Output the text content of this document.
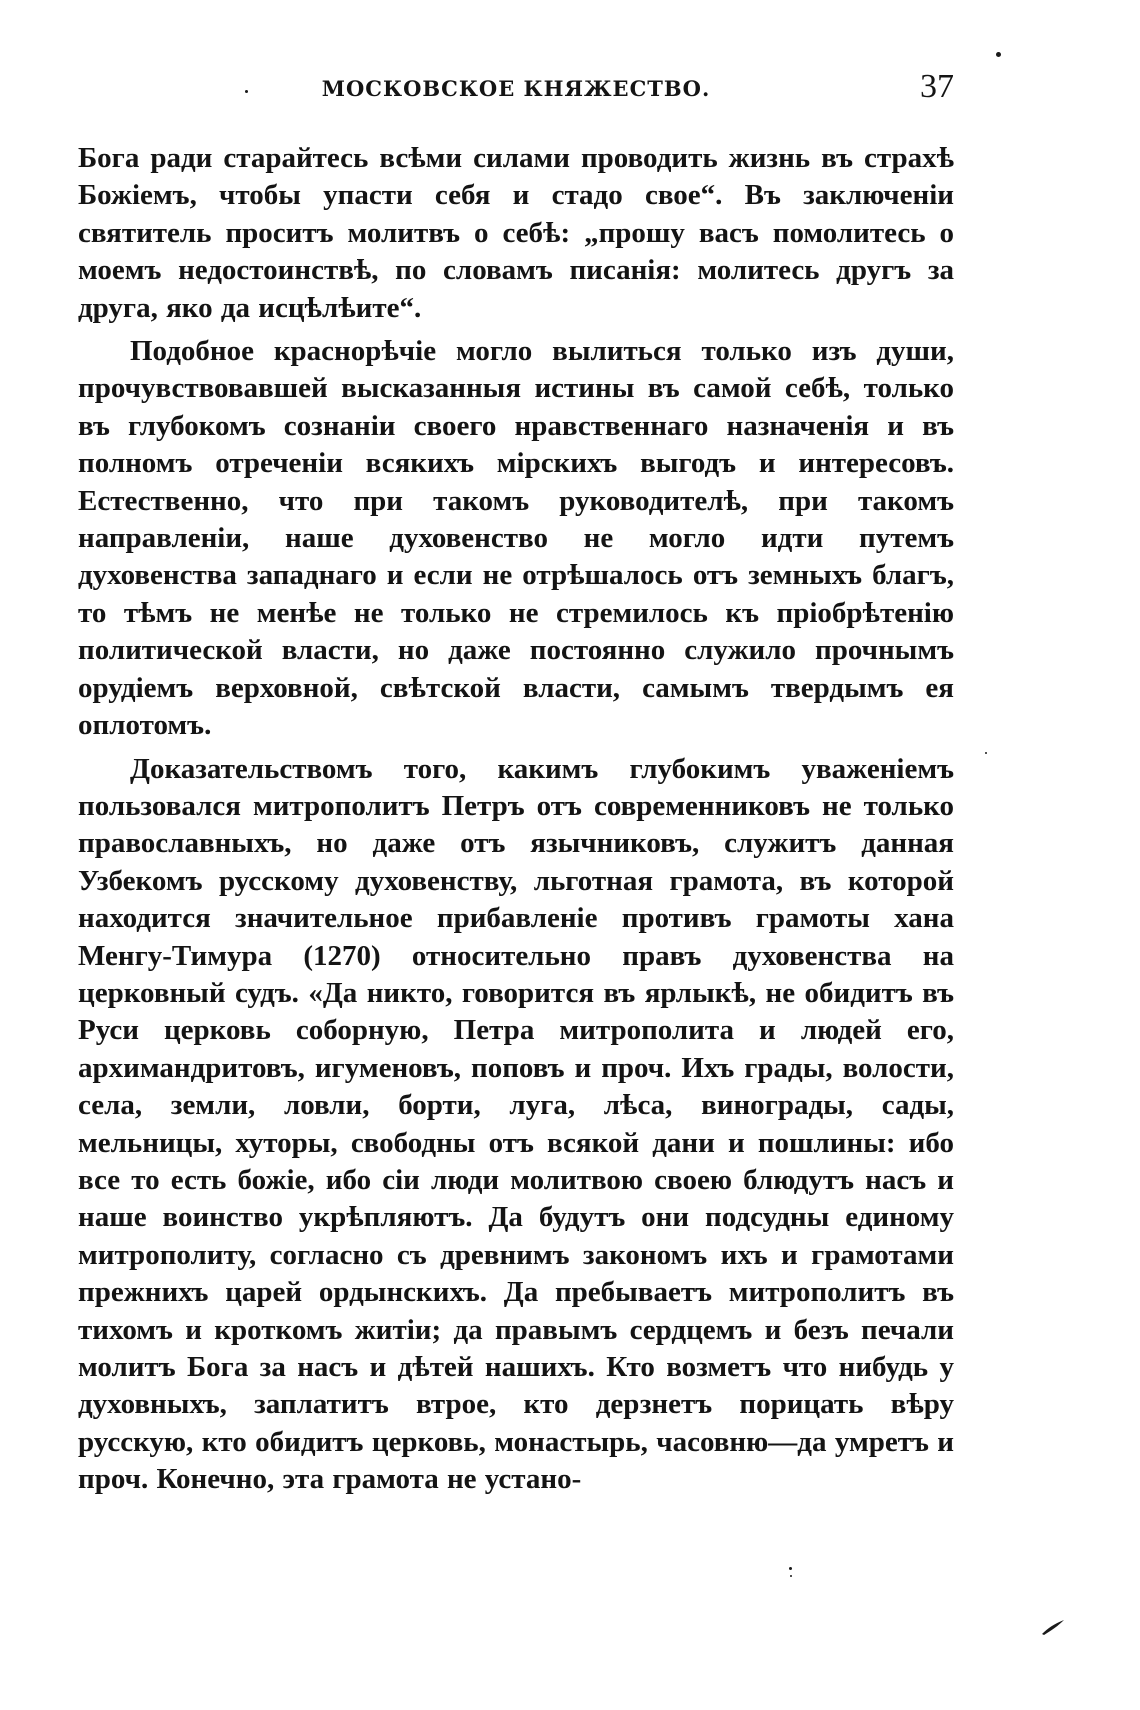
МОСКОВСКОЕ КНЯЖЕСТВО.	37

Бога ради старайтесь всѣми силами проводить жизнь въ страхѣ Божіемъ, чтобы упасти себя и стадо свое“. Въ заключеніи святитель проситъ молитвъ о себѣ: „прошу васъ помолитесь о моемъ недостоинствѣ, по словамъ писанія: молитесь другъ за друга, яко да исцѣлѣите“.

Подобное краснорѣчіе могло вылиться только изъ души, прочувствовавшей высказанныя истины въ самой себѣ, только въ глубокомъ сознаніи своего нравственнаго назначенія и въ полномъ отреченіи всякихъ мірскихъ выгодъ и интересовъ. Естественно, что при такомъ руководителѣ, при такомъ направленіи, наше духовенство не могло идти путемъ духовенства западнаго и если не отрѣшалось отъ земныхъ благъ, то тѣмъ не менѣе не только не стремилось къ пріобрѣтенію политической власти, но даже постоянно служило прочнымъ орудіемъ верховной, свѣтской власти, самымъ твердымъ ея оплотомъ.

Доказательствомъ того, какимъ глубокимъ уваженіемъ пользовался митрополитъ Петръ отъ современниковъ не только православныхъ, но даже отъ язычниковъ, служитъ данная Узбекомъ русскому духовенству, льготная грамота, въ которой находится значительное прибавленіе противъ грамоты хана Менгу-Тимура (1270) относительно правъ духовенства на церковный судъ. «Да никто, говорится въ ярлыкѣ, не обидитъ въ Руси церковь соборную, Петра митрополита и людей его, архимандритовъ, игуменовъ, поповъ и проч. Ихъ грады, волости, села, земли, ловли, борти, луга, лѣса, винограды, сады, мельницы, хуторы, свободны отъ всякой дани и пошлины: ибо все то есть божіе, ибо сіи люди молитвою своею блюдутъ насъ и наше воинство укрѣпляютъ. Да будутъ они подсудны единому митрополиту, согласно съ древнимъ закономъ ихъ и грамотами прежнихъ царей ордынскихъ. Да пребываетъ митрополитъ въ тихомъ и кроткомъ житіи; да правымъ сердцемъ и безъ печали молитъ Бога за насъ и дѣтей нашихъ. Кто возметъ что нибудь у духовныхъ, заплатитъ втрое, кто дерзнетъ порицать вѣру русскую, кто обидитъ церковь, монастырь, часовню—да умретъ и проч. Конечно, эта грамота не устано-
